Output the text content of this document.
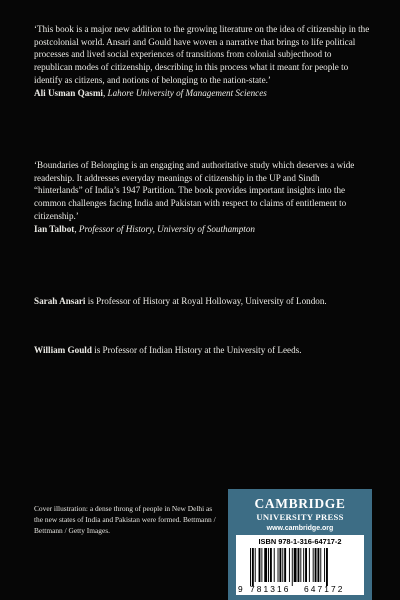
‘This book is a major new addition to the growing literature on the idea of citizenship in the postcolonial world. Ansari and Gould have woven a narrative that brings to life political processes and lived social experiences of transitions from colonial subjecthood to republican modes of citizenship, describing in this process what it meant for people to identify as citizens, and notions of belonging to the nation-state.’

Ali Usman Qasmi, Lahore University of Management Sciences

‘Boundaries of Belonging is an engaging and authoritative study which deserves a wide readership. It addresses everyday meanings of citizenship in the UP and Sindh “hinterlands” of India’s 1947 Partition. The book provides important insights into the common challenges facing India and Pakistan with respect to claims of entitlement to citizenship.’

Ian Talbot, Professor of History, University of Southampton

Sarah Ansari is Professor of History at Royal Holloway, University of London.

William Gould is Professor of Indian History at the University of Leeds.

Cover illustration: a dense throng of people in New Delhi as the new states of India and Pakistan were formed. Bettmann / Bettmann / Getty Images.

CAMBRIDGE
UNIVERSITY PRESS
www.cambridge.org
ISBN 978-1-316-64717-2
9 781316 647172
